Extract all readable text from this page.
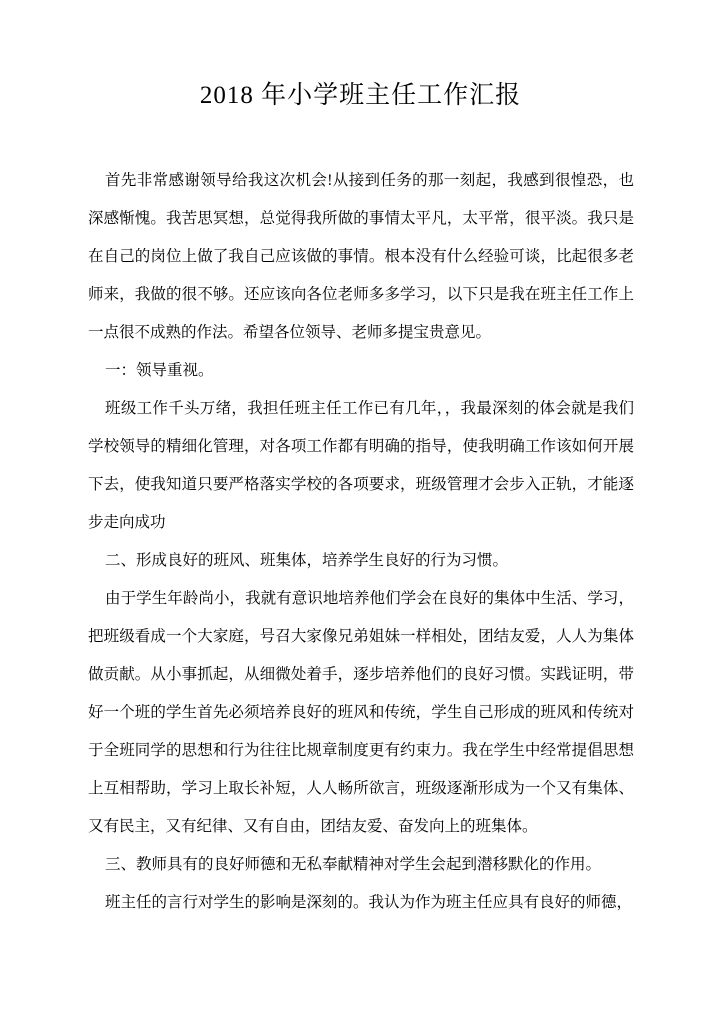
2018 年小学班主任工作汇报

首先非常感谢领导给我这次机会!从接到任务的那一刻起，我感到很惶恐，也深感惭愧。我苦思冥想，总觉得我所做的事情太平凡，太平常，很平淡。我只是在自己的岗位上做了我自己应该做的事情。根本没有什么经验可谈，比起很多老师来，我做的很不够。还应该向各位老师多多学习，以下只是我在班主任工作上一点很不成熟的作法。希望各位领导、老师多提宝贵意见。

一：领导重视。

班级工作千头万绪，我担任班主任工作已有几年，，我最深刻的体会就是我们学校领导的精细化管理，对各项工作都有明确的指导，使我明确工作该如何开展下去，使我知道只要严格落实学校的各项要求，班级管理才会步入正轨，才能逐步走向成功

二、形成良好的班风、班集体，培养学生良好的行为习惯。

由于学生年龄尚小，我就有意识地培养他们学会在良好的集体中生活、学习，把班级看成一个大家庭，号召大家像兄弟姐妹一样相处，团结友爱，人人为集体做贡献。从小事抓起，从细微处着手，逐步培养他们的良好习惯。实践证明，带好一个班的学生首先必须培养良好的班风和传统，学生自己形成的班风和传统对于全班同学的思想和行为往往比规章制度更有约束力。我在学生中经常提倡思想上互相帮助，学习上取长补短，人人畅所欲言，班级逐渐形成为一个又有集体、又有民主，又有纪律、又有自由，团结友爱、奋发向上的班集体。

三、教师具有的良好师德和无私奉献精神对学生会起到潜移默化的作用。

班主任的言行对学生的影响是深刻的。我认为作为班主任应具有良好的师德，
